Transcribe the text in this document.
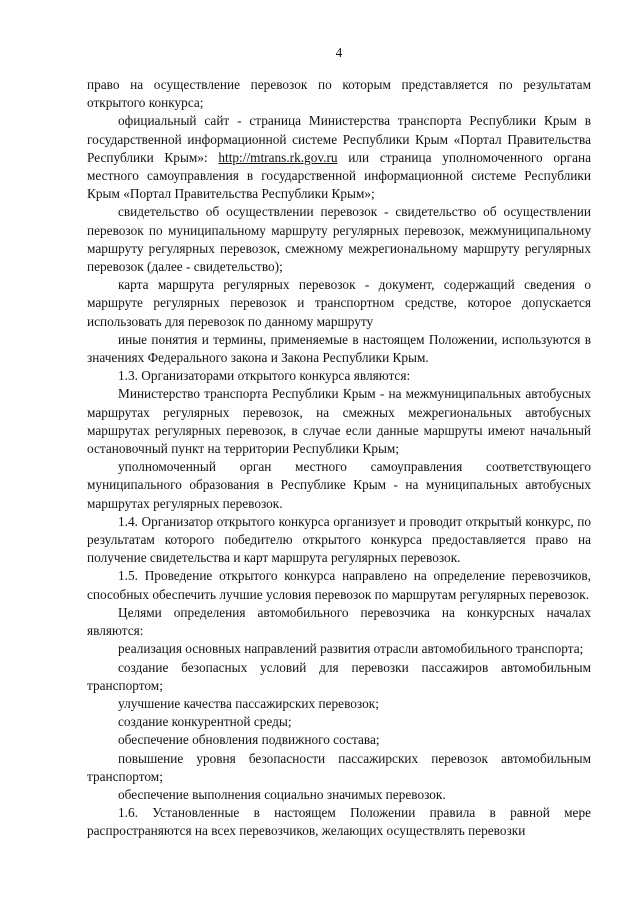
4

право на осуществление перевозок по которым представляется по результатам открытого конкурса;

официальный сайт - страница Министерства транспорта Республики Крым в государственной информационной системе Республики Крым «Портал Правительства Республики Крым»: http://mtrans.rk.gov.ru или страница уполномоченного органа местного самоуправления в государственной информационной системе Республики Крым «Портал Правительства Республики Крым»;

свидетельство об осуществлении перевозок - свидетельство об осуществлении перевозок по муниципальному маршруту регулярных перевозок, межмуниципальному маршруту регулярных перевозок, смежному межрегиональному маршруту регулярных перевозок (далее - свидетельство);

карта маршрута регулярных перевозок - документ, содержащий сведения о маршруте регулярных перевозок и транспортном средстве, которое допускается использовать для перевозок по данному маршруту

иные понятия и термины, применяемые в настоящем Положении, используются в значениях Федерального закона и Закона Республики Крым.

1.3. Организаторами открытого конкурса являются:

Министерство транспорта Республики Крым - на межмуниципальных автобусных маршрутах регулярных перевозок, на смежных межрегиональных автобусных маршрутах регулярных перевозок, в случае если данные маршруты имеют начальный остановочный пункт на территории Республики Крым;

уполномоченный орган местного самоуправления соответствующего муниципального образования в Республике Крым - на муниципальных автобусных маршрутах регулярных перевозок.

1.4. Организатор открытого конкурса организует и проводит открытый конкурс, по результатам которого победителю открытого конкурса предоставляется право на получение свидетельства и карт маршрута регулярных перевозок.

1.5. Проведение открытого конкурса направлено на определение перевозчиков, способных обеспечить лучшие условия перевозок по маршрутам регулярных перевозок.

Целями определения автомобильного перевозчика на конкурсных началах являются:

реализация основных направлений развития отрасли автомобильного транспорта;

создание безопасных условий для перевозки пассажиров автомобильным транспортом;

улучшение качества пассажирских перевозок;

создание конкурентной среды;

обеспечение обновления подвижного состава;

повышение уровня безопасности пассажирских перевозок автомобильным транспортом;

обеспечение выполнения социально значимых перевозок.

1.6. Установленные в настоящем Положении правила в равной мере распространяются на всех перевозчиков, желающих осуществлять перевозки
